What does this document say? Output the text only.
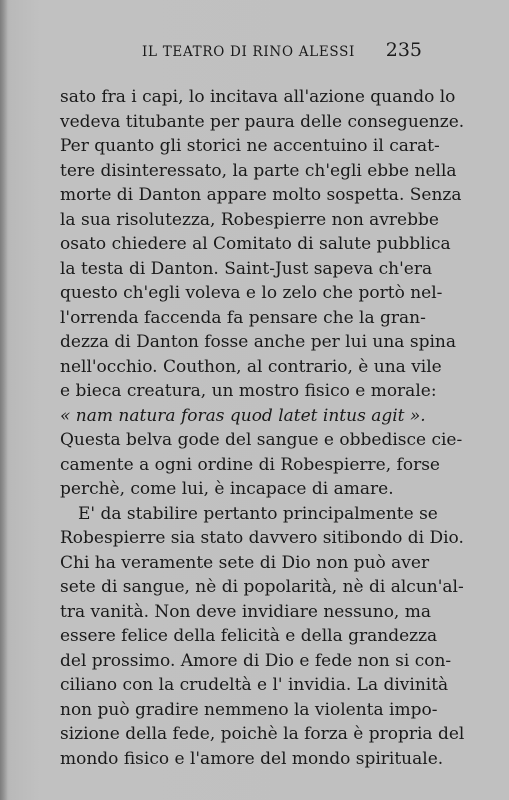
IL TEATRO DI RINO ALESSI 235
sato fra i capi, lo incitava all'azione quando lo
vedeva titubante per paura delle conseguenze.
Per quanto gli storici ne accentuino il carat-
tere disinteressato, la parte ch'egli ebbe nella
morte di Danton appare molto sospetta. Senza
la sua risolutezza, Robespierre non avrebbe
osato chiedere al Comitato di salute pubblica
la testa di Danton. Saint-Just sapeva ch'era
questo ch'egli voleva e lo zelo che portò nel-
l'orrenda faccenda fa pensare che la gran-
dezza di Danton fosse anche per lui una spina
nell'occhio. Couthon, al contrario, è una vile
e bieca creatura, un mostro fisico e morale:
« nam natura foras quod latet intus agit ».
Questa belva gode del sangue e obbedisce cie-
camente a ogni ordine di Robespierre, forse
perchè, come lui, è incapace di amare.
E' da stabilire pertanto principalmente se
Robespierre sia stato davvero sitibondo di Dio.
Chi ha veramente sete di Dio non può aver
sete di sangue, nè di popolarità, nè di alcun'al-
tra vanità. Non deve invidiare nessuno, ma
essere felice della felicità e della grandezza
del prossimo. Amore di Dio e fede non si con-
ciliano con la crudeltà e l' invidia. La divinità
non può gradire nemmeno la violenta impo-
sizione della fede, poichè la forza è propria del
mondo fisico e l'amore del mondo spirituale.
